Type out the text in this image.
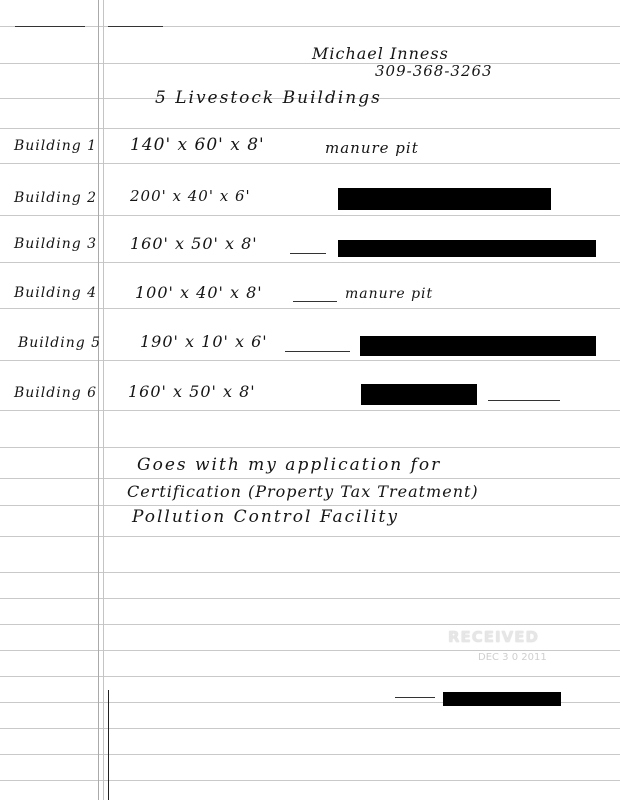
Michael Inness
309-368-3263
5 Livestock Buildings
Building 1 140' x 60' x 8'	manure pit
Building 2 200' x 40' x 6'
Building 3 160' x 50' x 8'
Building 4 100' x 40' x 8'	manure pit
Building 5 190' x 10' x 6'
Building 6 160' x 50' x 8'
Goes with my application for
Certification (Property Tax Treatment)
Pollution Control Facility
RECEIVED
DEC 3 0 2011
